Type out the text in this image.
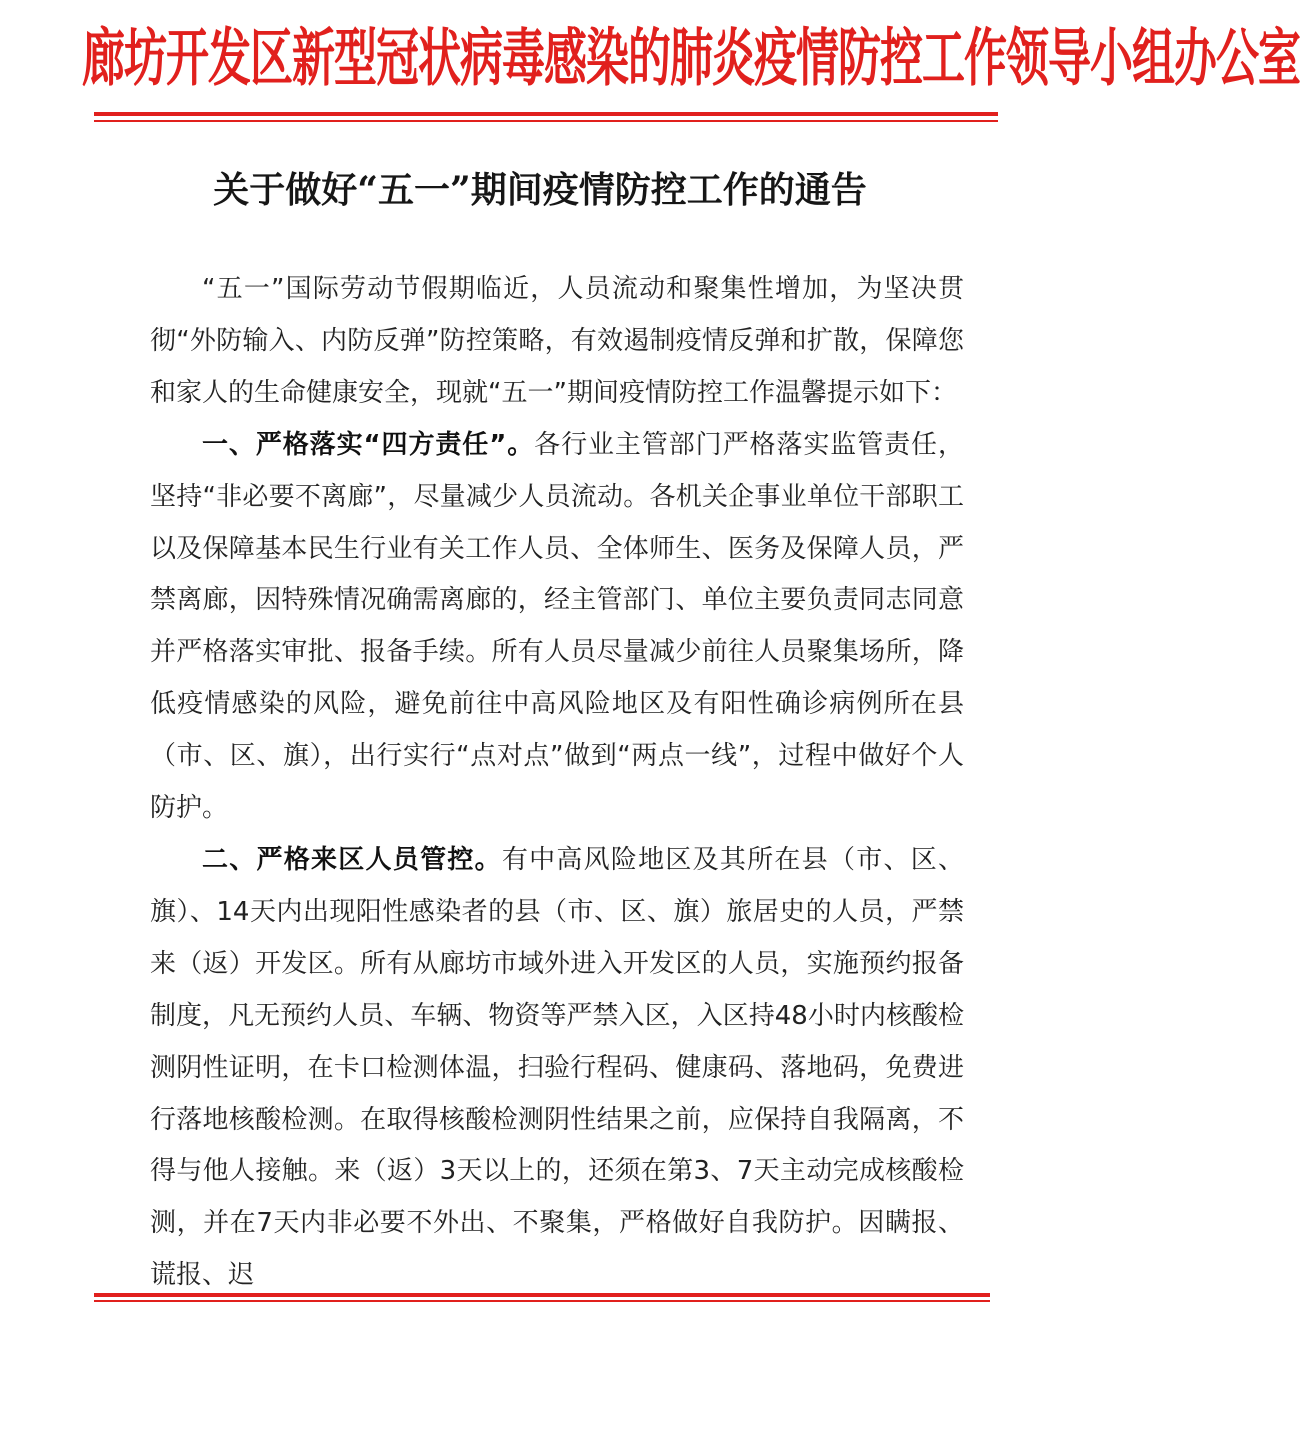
廊坊开发区新型冠状病毒感染的肺炎疫情防控工作领导小组办公室
关于做好“五一”期间疫情防控工作的通告

“五一”国际劳动节假期临近，人员流动和聚集性增加，为坚决贯彻“外防输入、内防反弹”防控策略，有效遏制疫情反弹和扩散，保障您和家人的生命健康安全，现就“五一”期间疫情防控工作温馨提示如下：

一、严格落实“四方责任”。各行业主管部门严格落实监管责任，坚持“非必要不离廊”，尽量减少人员流动。各机关企事业单位干部职工以及保障基本民生行业有关工作人员、全体师生、医务及保障人员，严禁离廊，因特殊情况确需离廊的，经主管部门、单位主要负责同志同意并严格落实审批、报备手续。所有人员尽量减少前往人员聚集场所，降低疫情感染的风险，避免前往中高风险地区及有阳性确诊病例所在县（市、区、旗），出行实行“点对点”做到“两点一线”，过程中做好个人防护。

二、严格来区人员管控。有中高风险地区及其所在县（市、区、旗）、14天内出现阳性感染者的县（市、区、旗）旅居史的人员，严禁来（返）开发区。所有从廊坊市域外进入开发区的人员，实施预约报备制度，凡无预约人员、车辆、物资等严禁入区，入区持48小时内核酸检测阴性证明，在卡口检测体温，扫验行程码、健康码、落地码，免费进行落地核酸检测。在取得核酸检测阴性结果之前，应保持自我隔离，不得与他人接触。来（返）3天以上的，还须在第3、7天主动完成核酸检测，并在7天内非必要不外出、不聚集，严格做好自我防护。因瞒报、谎报、迟
